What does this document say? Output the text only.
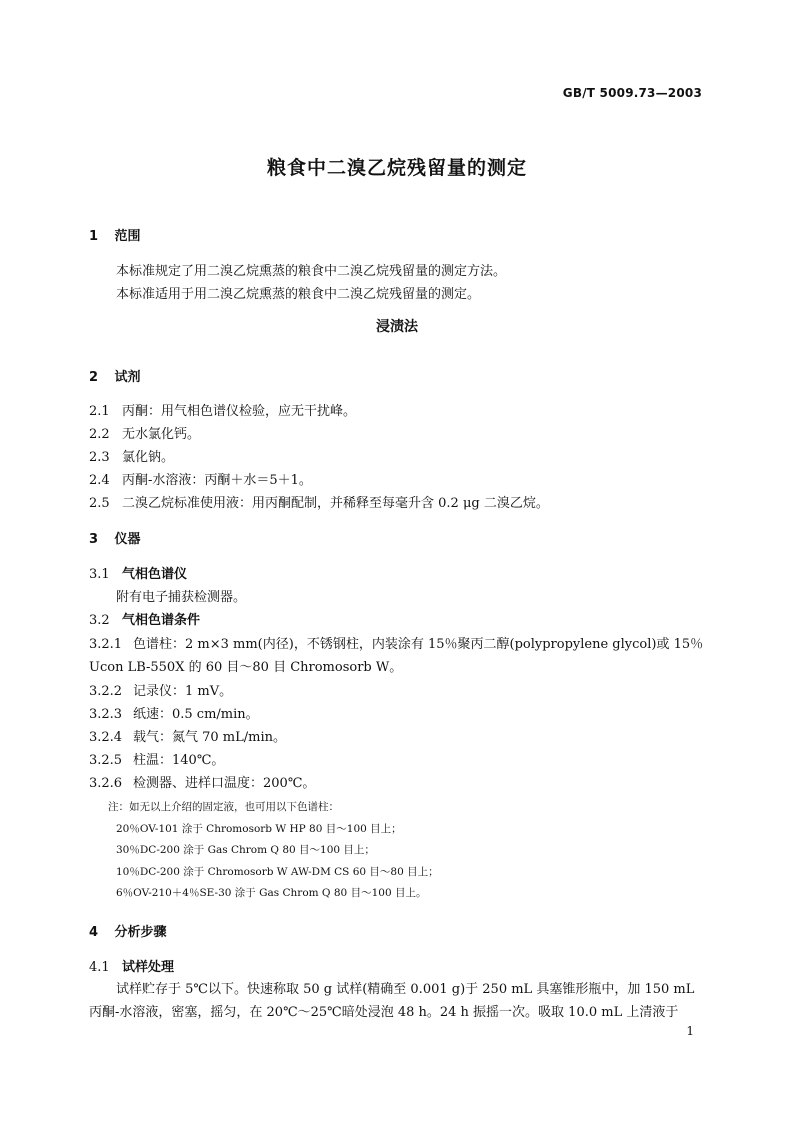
GB/T 5009.73—2003
粮食中二溴乙烷残留量的测定
1 范围
本标准规定了用二溴乙烷熏蒸的粮食中二溴乙烷残留量的测定方法。
本标准适用于用二溴乙烷熏蒸的粮食中二溴乙烷残留量的测定。
浸渍法
2 试剂
2.1 丙酮：用气相色谱仪检验，应无干扰峰。
2.2 无水氯化钙。
2.3 氯化钠。
2.4 丙酮-水溶液：丙酮＋水＝5＋1。
2.5 二溴乙烷标准使用液：用丙酮配制，并稀释至每毫升含 0.2 μg 二溴乙烷。
3 仪器
3.1 气相色谱仪
附有电子捕获检测器。
3.2 气相色谱条件
3.2.1 色谱柱：2 m×3 mm(内径)，不锈钢柱，内装涂有 15％聚丙二醇(polypropylene glycol)或 15％
Ucon LB-550X 的 60 目～80 目 Chromosorb W。
3.2.2 记录仪：1 mV。
3.2.3 纸速：0.5 cm/min。
3.2.4 载气：氮气 70 mL/min。
3.2.5 柱温：140℃。
3.2.6 检测器、进样口温度：200℃。
注：如无以上介绍的固定液，也可用以下色谱柱：
20％OV-101 涂于 Chromosorb W HP 80 目～100 目上；
30％DC-200 涂于 Gas Chrom Q 80 目～100 目上；
10％DC-200 涂于 Chromosorb W AW-DM CS 60 目～80 目上；
6％OV-210＋4％SE-30 涂于 Gas Chrom Q 80 目～100 目上。
4 分析步骤
4.1 试样处理
试样贮存于 5℃以下。快速称取 50 g 试样(精确至 0.001 g)于 250 mL 具塞锥形瓶中，加 150 mL
丙酮-水溶液，密塞，摇匀，在 20℃～25℃暗处浸泡 48 h。24 h 振摇一次。吸取 10.0 mL 上清液于
1
